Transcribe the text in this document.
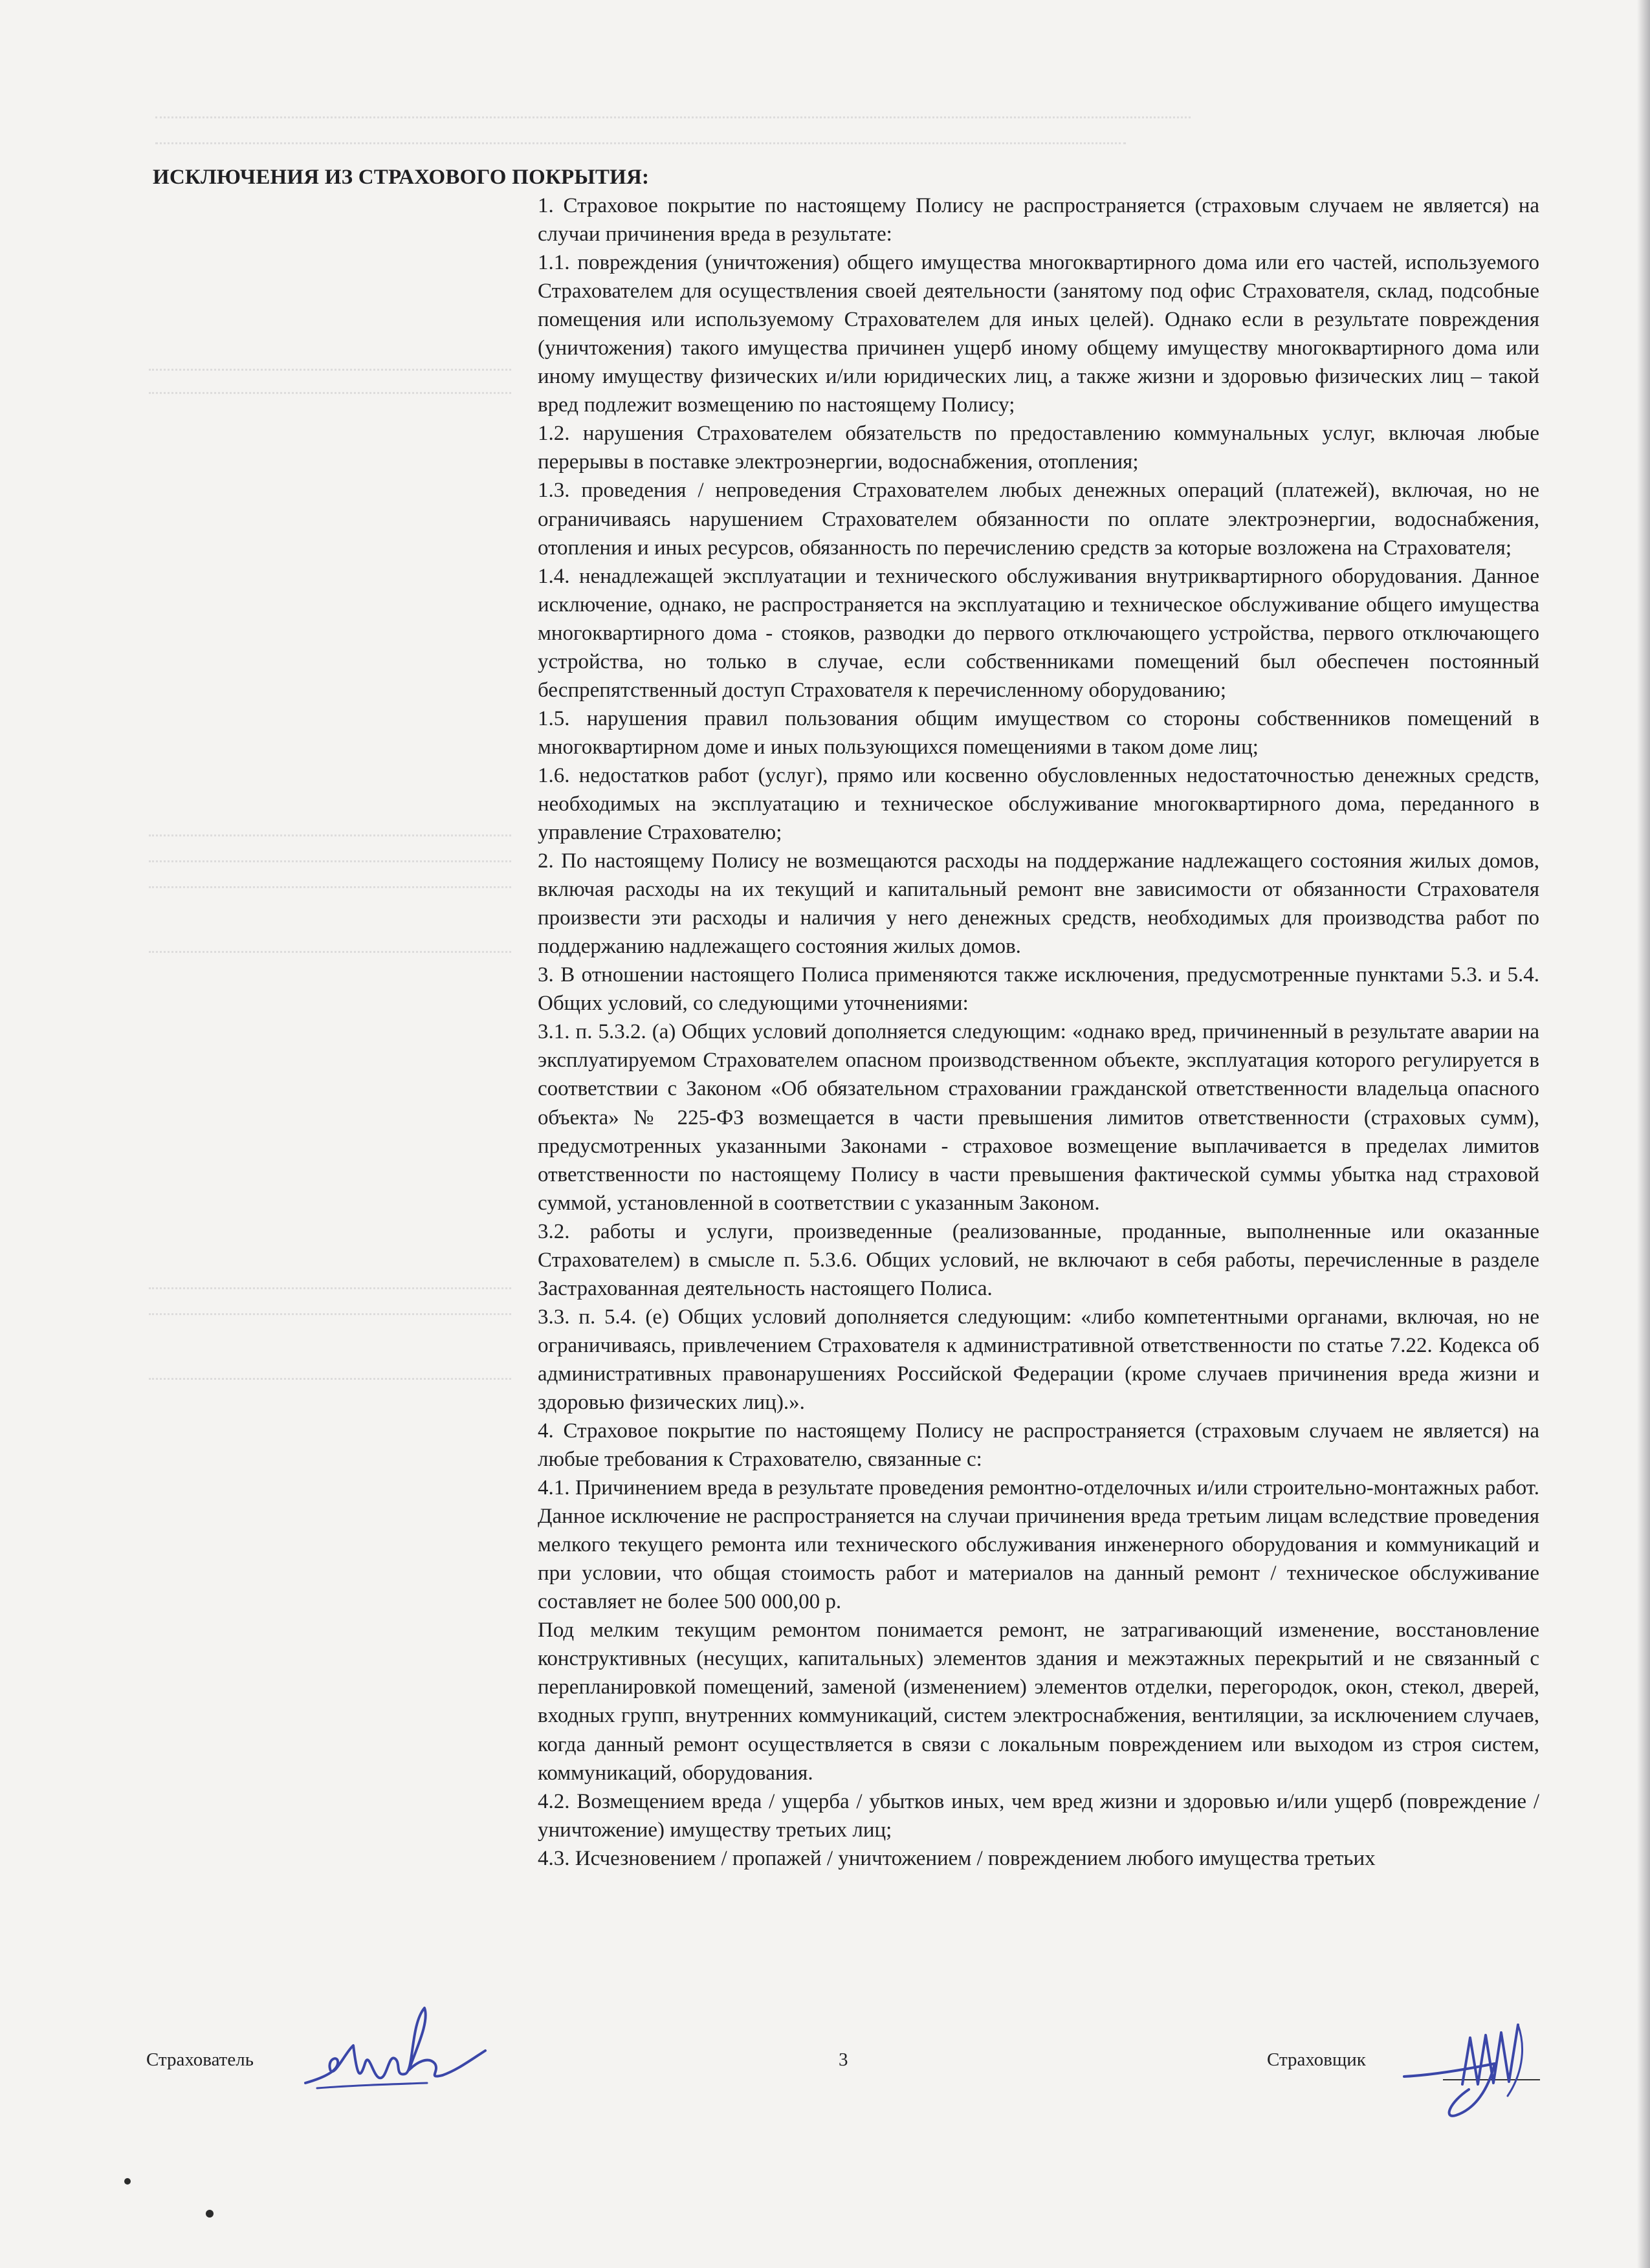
ИСКЛЮЧЕНИЯ ИЗ СТРАХОВОГО ПОКРЫТИЯ:

1. Страховое покрытие по настоящему Полису не распространяется (страховым случаем не является) на случаи причинения вреда в результате:

1.1. повреждения (уничтожения) общего имущества многоквартирного дома или его частей, используемого Страхователем для осуществления своей деятельности (занятому под офис Страхователя, склад, подсобные помещения или используемому Страхователем для иных целей). Однако если в результате повреждения (уничтожения) такого имущества причинен ущерб иному общему имуществу многоквартирного дома или иному имуществу физических и/или юридических лиц, а также жизни и здоровью физических лиц – такой вред подлежит возмещению по настоящему Полису;

1.2. нарушения Страхователем обязательств по предоставлению коммунальных услуг, включая любые перерывы в поставке электроэнергии, водоснабжения, отопления;

1.3. проведения / непроведения Страхователем любых денежных операций (платежей), включая, но не ограничиваясь нарушением Страхователем обязанности по оплате электроэнергии, водоснабжения, отопления и иных ресурсов, обязанность по перечислению средств за которые возложена на Страхователя;

1.4. ненадлежащей эксплуатации и технического обслуживания внутриквартирного оборудования. Данное исключение, однако, не распространяется на эксплуатацию и техническое обслуживание общего имущества многоквартирного дома - стояков, разводки до первого отключающего устройства, первого отключающего устройства, но только в случае, если собственниками помещений был обеспечен постоянный беспрепятственный доступ Страхователя к перечисленному оборудованию;

1.5. нарушения правил пользования общим имуществом со стороны собственников помещений в многоквартирном доме и иных пользующихся помещениями в таком доме лиц;

1.6. недостатков работ (услуг), прямо или косвенно обусловленных недостаточностью денежных средств, необходимых на эксплуатацию и техническое обслуживание многоквартирного дома, переданного в управление Страхователю;

2. По настоящему Полису не возмещаются расходы на поддержание надлежащего состояния жилых домов, включая расходы на их текущий и капитальный ремонт вне зависимости от обязанности Страхователя произвести эти расходы и наличия у него денежных средств, необходимых для производства работ по поддержанию надлежащего состояния жилых домов.

3. В отношении настоящего Полиса применяются также исключения, предусмотренные пунктами 5.3. и 5.4. Общих условий, со следующими уточнениями:

3.1. п. 5.3.2. (а) Общих условий дополняется следующим: «однако вред, причиненный в результате аварии на эксплуатируемом Страхователем опасном производственном объекте, эксплуатация которого регулируется в соответствии с Законом «Об обязательном страховании гражданской ответственности владельца опасного объекта» № 225-ФЗ возмещается в части превышения лимитов ответственности (страховых сумм), предусмотренных указанными Законами - страховое возмещение выплачивается в пределах лимитов ответственности по настоящему Полису в части превышения фактической суммы убытка над страховой суммой, установленной в соответствии с указанным Законом.

3.2. работы и услуги, произведенные (реализованные, проданные, выполненные или оказанные Страхователем) в смысле п. 5.3.6. Общих условий, не включают в себя работы, перечисленные в разделе Застрахованная деятельность настоящего Полиса.

3.3. п. 5.4. (е) Общих условий дополняется следующим: «либо компетентными органами, включая, но не ограничиваясь, привлечением Страхователя к административной ответственности по статье 7.22. Кодекса об административных правонарушениях Российской Федерации (кроме случаев причинения вреда жизни и здоровью физических лиц).».

4. Страховое покрытие по настоящему Полису не распространяется (страховым случаем не является) на любые требования к Страхователю, связанные с:

4.1. Причинением вреда в результате проведения ремонтно-отделочных и/или строительно-монтажных работ. Данное исключение не распространяется на случаи причинения вреда третьим лицам вследствие проведения мелкого текущего ремонта или технического обслуживания инженерного оборудования и коммуникаций и при условии, что общая стоимость работ и материалов на данный ремонт / техническое обслуживание составляет не более 500 000,00 р.

Под мелким текущим ремонтом понимается ремонт, не затрагивающий изменение, восстановление конструктивных (несущих, капитальных) элементов здания и межэтажных перекрытий и не связанный с перепланировкой помещений, заменой (изменением) элементов отделки, перегородок, окон, стекол, дверей, входных групп, внутренних коммуникаций, систем электроснабжения, вентиляции, за исключением случаев, когда данный ремонт осуществляется в связи с локальным повреждением или выходом из строя систем, коммуникаций, оборудования.

4.2. Возмещением вреда / ущерба / убытков иных, чем вред жизни и здоровью и/или ущерб (повреждение / уничтожение) имуществу третьих лиц;

4.3. Исчезновением / пропажей / уничтожением / повреждением любого имущества третьих

Страхователь	3	Страховщик
